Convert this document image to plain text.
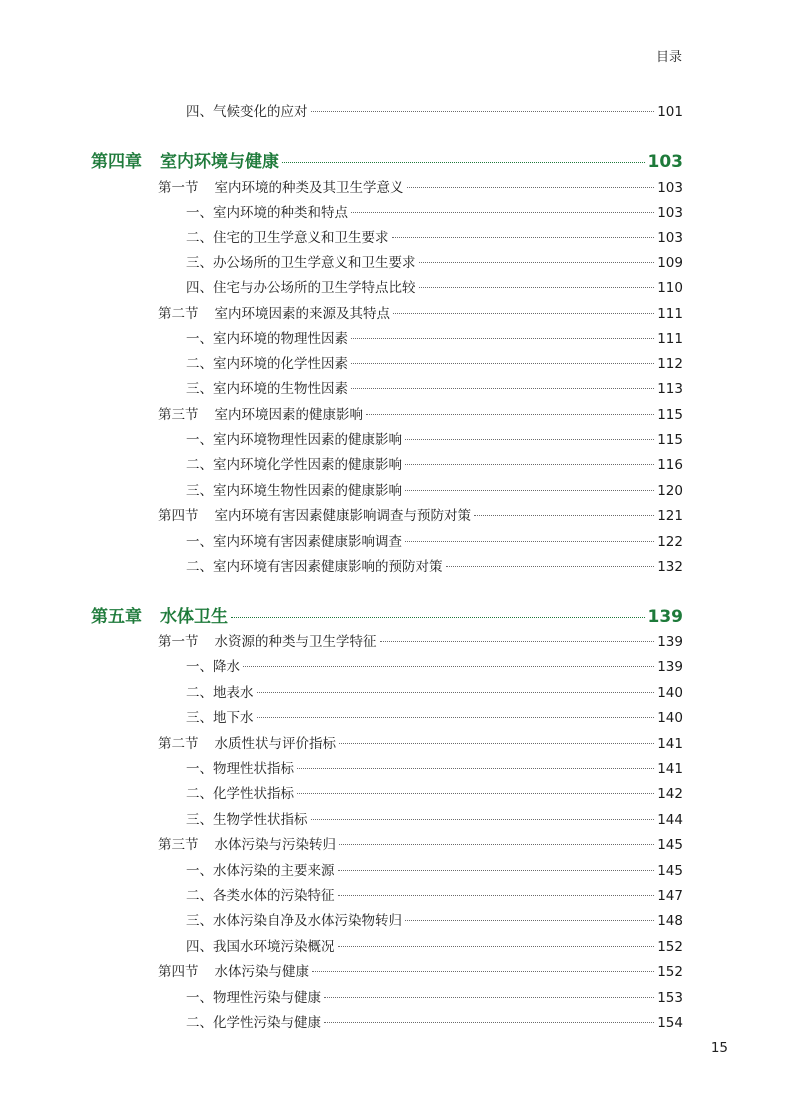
目录
四、气候变化的应对	101
第四章 室内环境与健康	103
第一节 室内环境的种类及其卫生学意义	103
一、室内环境的种类和特点	103
二、住宅的卫生学意义和卫生要求	103
三、办公场所的卫生学意义和卫生要求	109
四、住宅与办公场所的卫生学特点比较	110
第二节 室内环境因素的来源及其特点	111
一、室内环境的物理性因素	111
二、室内环境的化学性因素	112
三、室内环境的生物性因素	113
第三节 室内环境因素的健康影响	115
一、室内环境物理性因素的健康影响	115
二、室内环境化学性因素的健康影响	116
三、室内环境生物性因素的健康影响	120
第四节 室内环境有害因素健康影响调查与预防对策	121
一、室内环境有害因素健康影响调查	122
二、室内环境有害因素健康影响的预防对策	132
第五章 水体卫生	139
第一节 水资源的种类与卫生学特征	139
一、降水	139
二、地表水	140
三、地下水	140
第二节 水质性状与评价指标	141
一、物理性状指标	141
二、化学性状指标	142
三、生物学性状指标	144
第三节 水体污染与污染转归	145
一、水体污染的主要来源	145
二、各类水体的污染特征	147
三、水体污染自净及水体污染物转归	148
四、我国水环境污染概况	152
第四节 水体污染与健康	152
一、物理性污染与健康	153
二、化学性污染与健康	154
15
